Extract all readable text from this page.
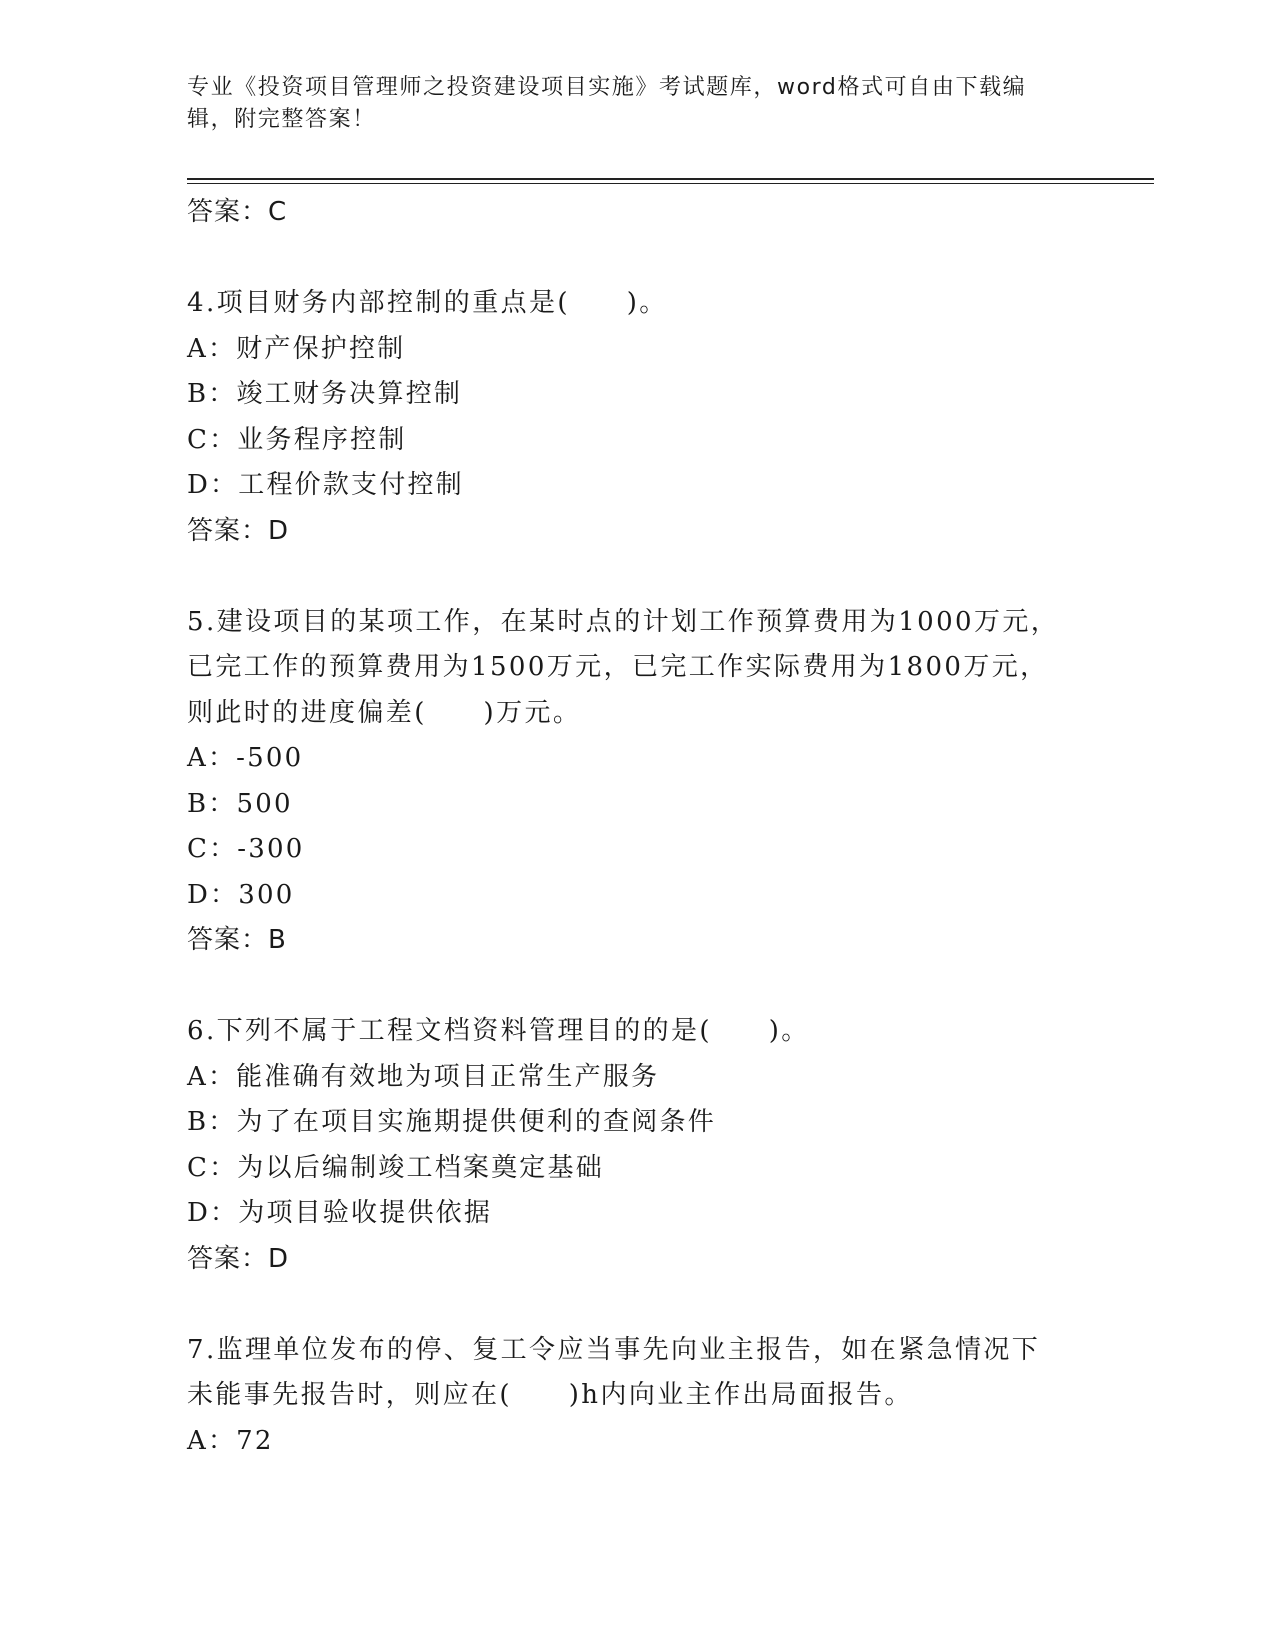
专业《投资项目管理师之投资建设项目实施》考试题库，word格式可自由下载编
辑，附完整答案！
答案：C
4.项目财务内部控制的重点是(　　)。
A：财产保护控制
B：竣工财务决算控制
C：业务程序控制
D：工程价款支付控制
答案：D
5.建设项目的某项工作，在某时点的计划工作预算费用为1000万元，
已完工作的预算费用为1500万元，已完工作实际费用为1800万元，
则此时的进度偏差(　　)万元。
A：-500
B：500
C：-300
D：300
答案：B
6.下列不属于工程文档资料管理目的的是(　　)。
A：能准确有效地为项目正常生产服务
B：为了在项目实施期提供便利的查阅条件
C：为以后编制竣工档案奠定基础
D：为项目验收提供依据
答案：D
7.监理单位发布的停、复工令应当事先向业主报告，如在紧急情况下
未能事先报告时，则应在(　　)h内向业主作出局面报告。
A：72
